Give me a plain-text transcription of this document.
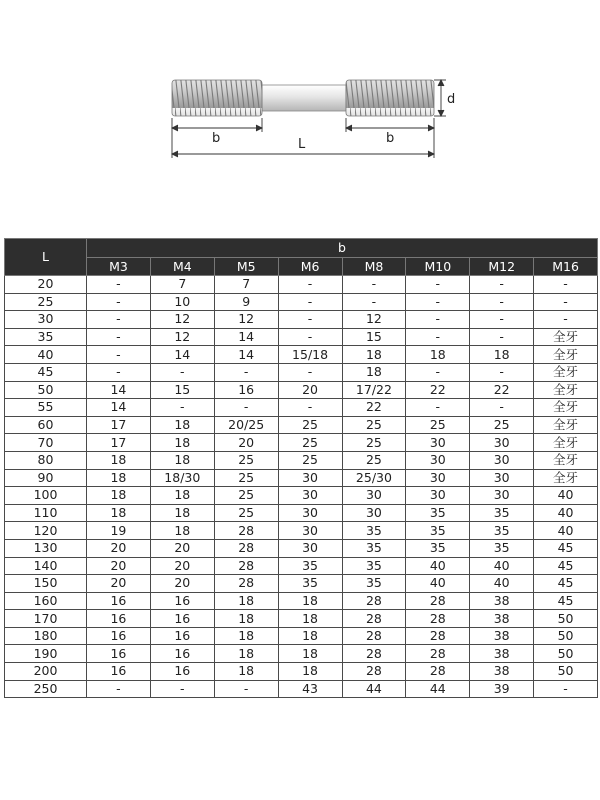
d
b	b
L
L	b							
	M3	M4	M5	M6	M8	M10	M12	M16
20	-	7	7	-	-	-	-	-
25	-	10	9	-	-	-	-	-
30	-	12	12	-	12	-	-	-
35	-	12	14	-	15	-	-	全牙
40	-	14	14	15/18	18	18	18	全牙
45	-	-	-	-	18	-	-	全牙
50	14	15	16	20	17/22	22	22	全牙
55	14	-	-	-	22	-	-	全牙
60	17	18	20/25	25	25	25	25	全牙
70	17	18	20	25	25	30	30	全牙
80	18	18	25	25	25	30	30	全牙
90	18	18/30	25	30	25/30	30	30	全牙
100	18	18	25	30	30	30	30	40
110	18	18	25	30	30	35	35	40
120	19	18	28	30	35	35	35	40
130	20	20	28	30	35	35	35	45
140	20	20	28	35	35	40	40	45
150	20	20	28	35	35	40	40	45
160	16	16	18	18	28	28	38	45
170	16	16	18	18	28	28	38	50
180	16	16	18	18	28	28	38	50
190	16	16	18	18	28	28	38	50
200	16	16	18	18	28	28	38	50
250	-	-	-	43	44	44	39	-
